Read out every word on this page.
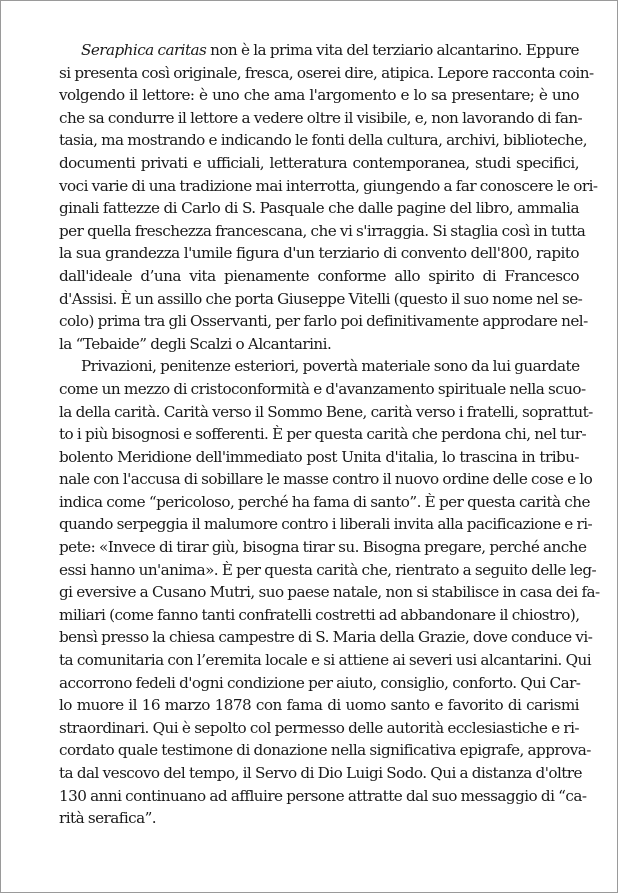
Seraphica caritas non è la prima vita del terziario alcantarino. Eppure
si presenta così originale, fresca, oserei dire, atipica. Lepore racconta coin-
volgendo il lettore: è uno che ama l'argomento e lo sa presentare; è uno
che sa condurre il lettore a vedere oltre il visibile, e, non lavorando di fan-
tasia, ma mostrando e indicando le fonti della cultura, archivi, biblioteche,
documenti privati e ufficiali, letteratura contemporanea, studi specifici,
voci varie di una tradizione mai interrotta, giungendo a far conoscere le ori-
ginali fattezze di Carlo di S. Pasquale che dalle pagine del libro, ammalia
per quella freschezza francescana, che vi s'irraggia. Si staglia così in tutta
la sua grandezza l'umile figura d'un terziario di convento dell'800, rapito
dall'ideale d’una vita pienamente conforme allo spirito di Francesco
d'Assisi. È un assillo che porta Giuseppe Vitelli (questo il suo nome nel se-
colo) prima tra gli Osservanti, per farlo poi definitivamente approdare nel-
la “Tebaide” degli Scalzi o Alcantarini.
Privazioni, penitenze esteriori, povertà materiale sono da lui guardate
come un mezzo di cristoconformità e d'avanzamento spirituale nella scuo-
la della carità. Carità verso il Sommo Bene, carità verso i fratelli, soprattut-
to i più bisognosi e sofferenti. È per questa carità che perdona chi, nel tur-
bolento Meridione dell'immediato post Unita d'italia, lo trascina in tribu-
nale con l'accusa di sobillare le masse contro il nuovo ordine delle cose e lo
indica come “pericoloso, perché ha fama di santo”. È per questa carità che
quando serpeggia il malumore contro i liberali invita alla pacificazione e ri-
pete: «Invece di tirar giù, bisogna tirar su. Bisogna pregare, perché anche
essi hanno un'anima». È per questa carità che, rientrato a seguito delle leg-
gi eversive a Cusano Mutri, suo paese natale, non si stabilisce in casa dei fa-
miliari (come fanno tanti confratelli costretti ad abbandonare il chiostro),
bensì presso la chiesa campestre di S. Maria della Grazie, dove conduce vi-
ta comunitaria con l’eremita locale e si attiene ai severi usi alcantarini. Qui
accorrono fedeli d'ogni condizione per aiuto, consiglio, conforto. Qui Car-
lo muore il 16 marzo 1878 con fama di uomo santo e favorito di carismi
straordinari. Qui è sepolto col permesso delle autorità ecclesiastiche e ri-
cordato quale testimone di donazione nella significativa epigrafe, approva-
ta dal vescovo del tempo, il Servo di Dio Luigi Sodo. Qui a distanza d'oltre
130 anni continuano ad affluire persone attratte dal suo messaggio di “ca-
rità serafica”.
